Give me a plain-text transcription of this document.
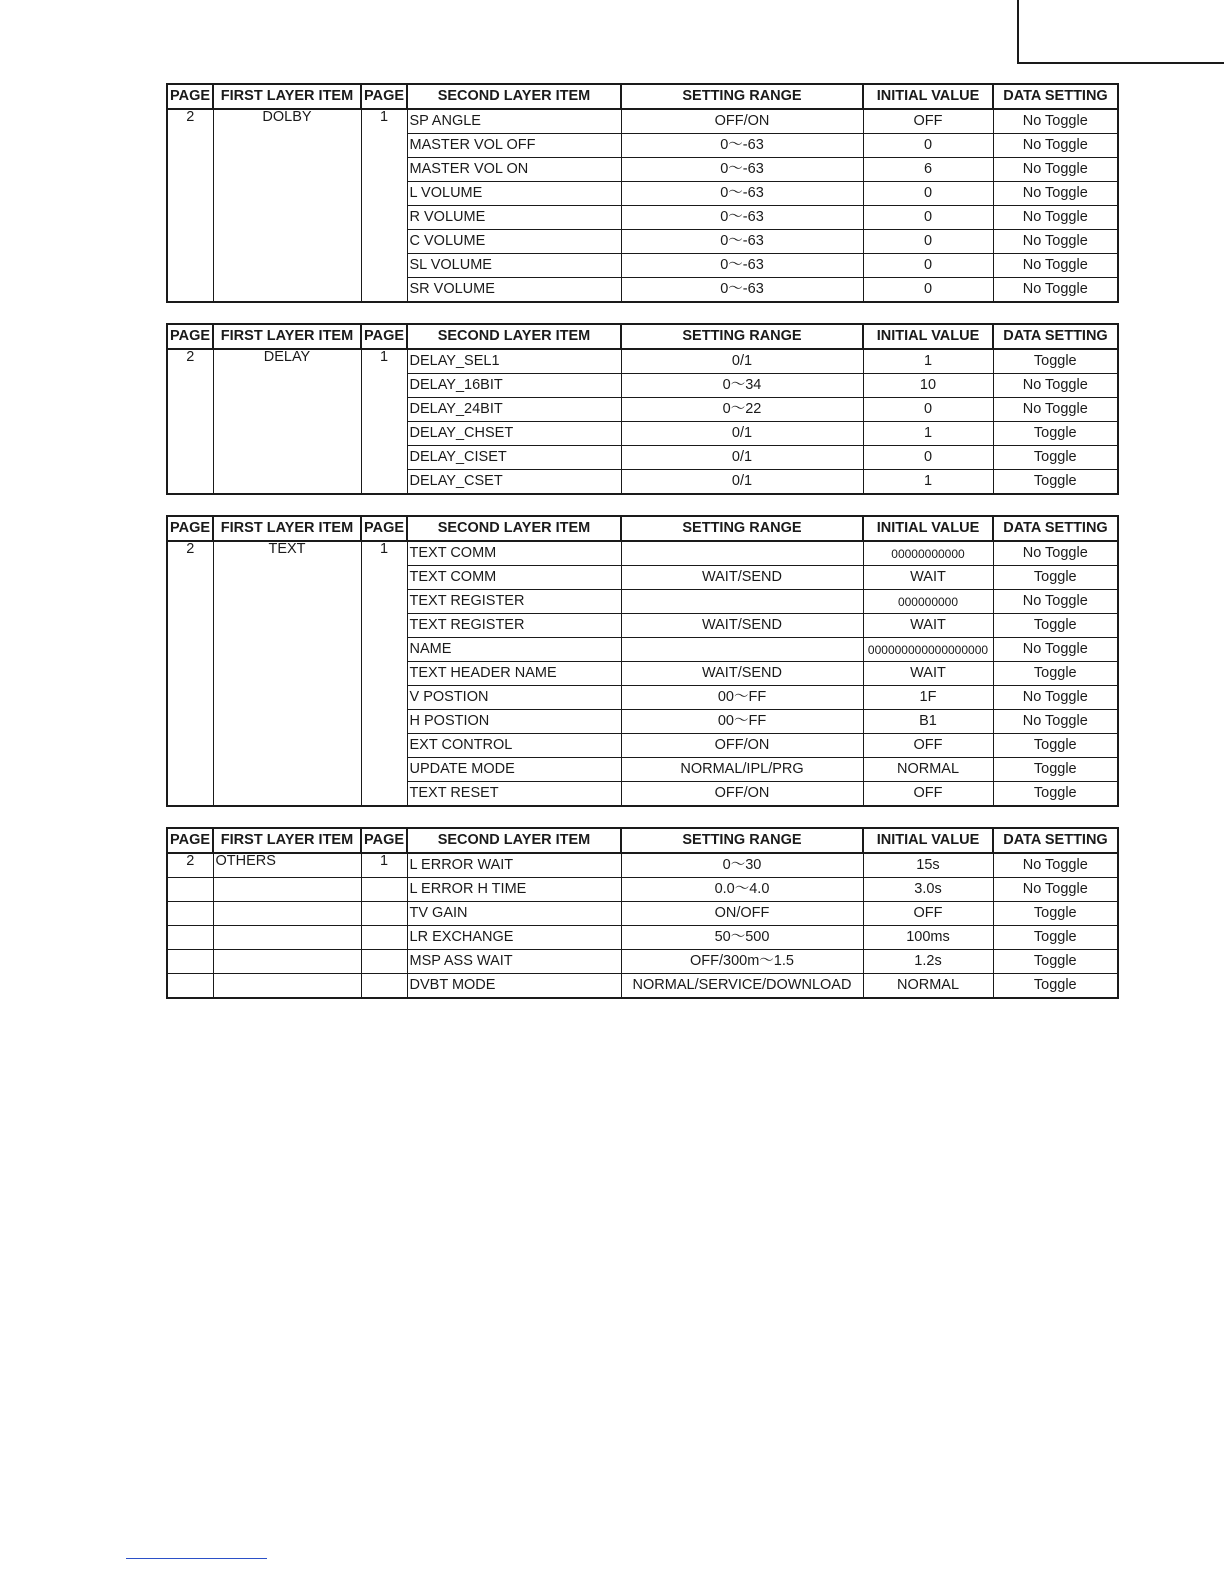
PAGE	FIRST LAYER ITEM	PAGE	SECOND LAYER ITEM	SETTING RANGE	INITIAL VALUE	DATA SETTING
2	DOLBY	1	SP ANGLE	OFF/ON	OFF	No Toggle
			MASTER VOL OFF	0～-63	0	No Toggle
			MASTER VOL ON	0～-63	6	No Toggle
			L VOLUME	0～-63	0	No Toggle
			R VOLUME	0～-63	0	No Toggle
			C VOLUME	0～-63	0	No Toggle
			SL VOLUME	0～-63	0	No Toggle
			SR VOLUME	0～-63	0	No Toggle
PAGE	FIRST LAYER ITEM	PAGE	SECOND LAYER ITEM	SETTING RANGE	INITIAL VALUE	DATA SETTING
2	DELAY	1	DELAY_SEL1	0/1	1	Toggle
			DELAY_16BIT	0～34	10	No Toggle
			DELAY_24BIT	0～22	0	No Toggle
			DELAY_CHSET	0/1	1	Toggle
			DELAY_CISET	0/1	0	Toggle
			DELAY_CSET	0/1	1	Toggle
PAGE	FIRST LAYER ITEM	PAGE	SECOND LAYER ITEM	SETTING RANGE	INITIAL VALUE	DATA SETTING
2	TEXT	1	TEXT COMM		00000000000	No Toggle
			TEXT COMM	WAIT/SEND	WAIT	Toggle
			TEXT REGISTER		000000000	No Toggle
			TEXT REGISTER	WAIT/SEND	WAIT	Toggle
			NAME		000000000000000000	No Toggle
			TEXT HEADER NAME	WAIT/SEND	WAIT	Toggle
			V POSTION	00～FF	1F	No Toggle
			H POSTION	00～FF	B1	No Toggle
			EXT CONTROL	OFF/ON	OFF	Toggle
			UPDATE MODE	NORMAL/IPL/PRG	NORMAL	Toggle
			TEXT RESET	OFF/ON	OFF	Toggle
PAGE	FIRST LAYER ITEM	PAGE	SECOND LAYER ITEM	SETTING RANGE	INITIAL VALUE	DATA SETTING
2	OTHERS	1	L ERROR WAIT	0～30	15s	No Toggle
			L ERROR H TIME	0.0～4.0	3.0s	No Toggle
			TV GAIN	ON/OFF	OFF	Toggle
			LR EXCHANGE	50～500	100ms	Toggle
			MSP ASS WAIT	OFF/300m～1.5	1.2s	Toggle
			DVBT MODE	NORMAL/SERVICE/DOWNLOAD	NORMAL	Toggle
